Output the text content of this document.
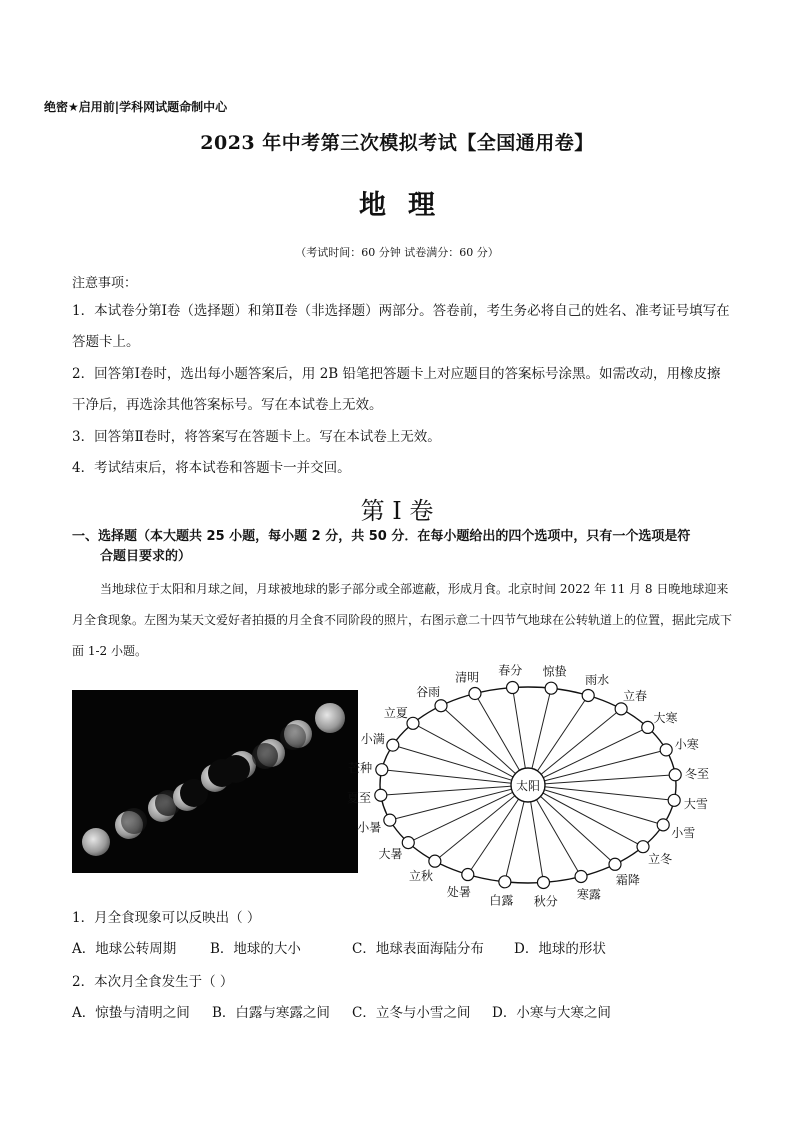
绝密★启用前|学科网试题命制中心
2023 年中考第三次模拟考试【全国通用卷】
地理
（考试时间：60 分钟 试卷满分：60 分）
注意事项：
1．本试卷分第Ⅰ卷（选择题）和第Ⅱ卷（非选择题）两部分。答卷前，考生务必将自己的姓名、准考证号填写在答题卡上。
2．回答第Ⅰ卷时，选出每小题答案后，用 2B 铅笔把答题卡上对应题目的答案标号涂黑。如需改动，用橡皮擦干净后，再选涂其他答案标号。写在本试卷上无效。
3．回答第Ⅱ卷时，将答案写在答题卡上。写在本试卷上无效。
4．考试结束后，将本试卷和答题卡一并交回。
第 I 卷
一、选择题（本大题共 25 小题，每小题 2 分，共 50 分．在每小题给出的四个选项中，只有一个选项是符
合题目要求的）
当地球位于太阳和月球之间，月球被地球的影子部分或全部遮蔽，形成月食。北京时间 2022 年 11 月 8 日晚地球迎来月全食现象。左图为某天文爱好者拍摄的月全食不同阶段的照片，右图示意二十四节气地球在公转轨道上的位置，据此完成下面 1-2 小题。
太阳
春分 惊蛰
雨水
立春
大寒
小寒
冬至
大雪
小雪
立冬
霜降
寒露
秋分
白露
处暑
立秋
大暑
小暑
夏至
芒种
小满
立夏
谷雨
清明
1．月全食现象可以反映出（ ）
A．地球公转周期	B．地球的大小	C．地球表面海陆分布 D．地球的形状
2．本次月全食发生于（ ）
A．惊蛰与清明之间 B．白露与寒露之间 C．立冬与小雪之间 D．小寒与大寒之间
